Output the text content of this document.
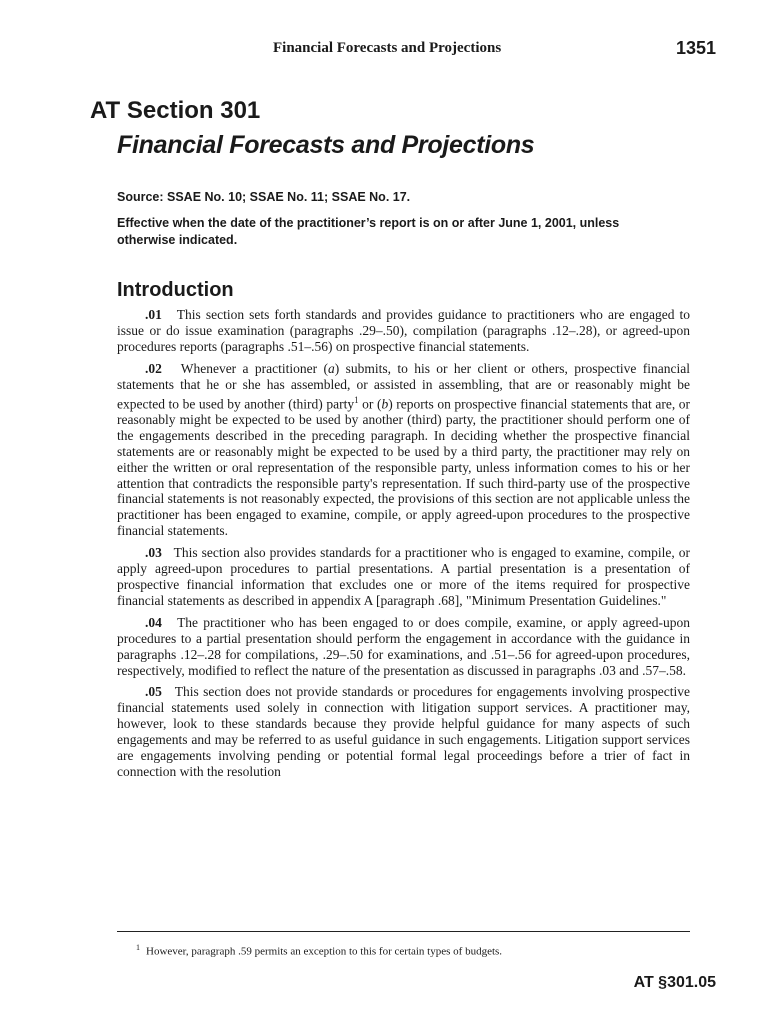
Financial Forecasts and Projections	1351
AT Section 301
Financial Forecasts and Projections
Source: SSAE No. 10; SSAE No. 11; SSAE No. 17.
Effective when the date of the practitioner’s report is on or after June 1, 2001, unless otherwise indicated.
Introduction

.01 This section sets forth standards and provides guidance to practitioners who are engaged to issue or do issue examination (paragraphs .29–.50), compilation (paragraphs .12–.28), or agreed-upon procedures reports (paragraphs .51–.56) on prospective financial statements.

.02 Whenever a practitioner (a) submits, to his or her client or others, prospective financial statements that he or she has assembled, or assisted in assembling, that are or reasonably might be expected to be used by another (third) party$^1$ or (b) reports on prospective financial statements that are, or reasonably might be expected to be used by another (third) party, the practitioner should perform one of the engagements described in the preceding paragraph. In deciding whether the prospective financial statements are or reasonably might be expected to be used by a third party, the practitioner may rely on either the written or oral representation of the responsible party, unless information comes to his or her attention that contradicts the responsible party's representation. If such third-party use of the prospective financial statements is not reasonably expected, the provisions of this section are not applicable unless the practitioner has been engaged to examine, compile, or apply agreed-upon procedures to the prospective financial statements.

.03 This section also provides standards for a practitioner who is engaged to examine, compile, or apply agreed-upon procedures to partial presentations. A partial presentation is a presentation of prospective financial information that excludes one or more of the items required for prospective financial statements as described in appendix A [paragraph .68], "Minimum Presentation Guidelines."

.04 The practitioner who has been engaged to or does compile, examine, or apply agreed-upon procedures to a partial presentation should perform the engagement in accordance with the guidance in paragraphs .12–.28 for compilations, .29–.50 for examinations, and .51–.56 for agreed-upon procedures, respectively, modified to reflect the nature of the presentation as discussed in paragraphs .03 and .57–.58.

.05 This section does not provide standards or procedures for engagements involving prospective financial statements used solely in connection with litigation support services. A practitioner may, however, look to these standards because they provide helpful guidance for many aspects of such engagements and may be referred to as useful guidance in such engagements. Litigation support services are engagements involving pending or potential formal legal proceedings before a trier of fact in connection with the resolution

$^1$ However, paragraph .59 permits an exception to this for certain types of budgets.
AT §301.05
